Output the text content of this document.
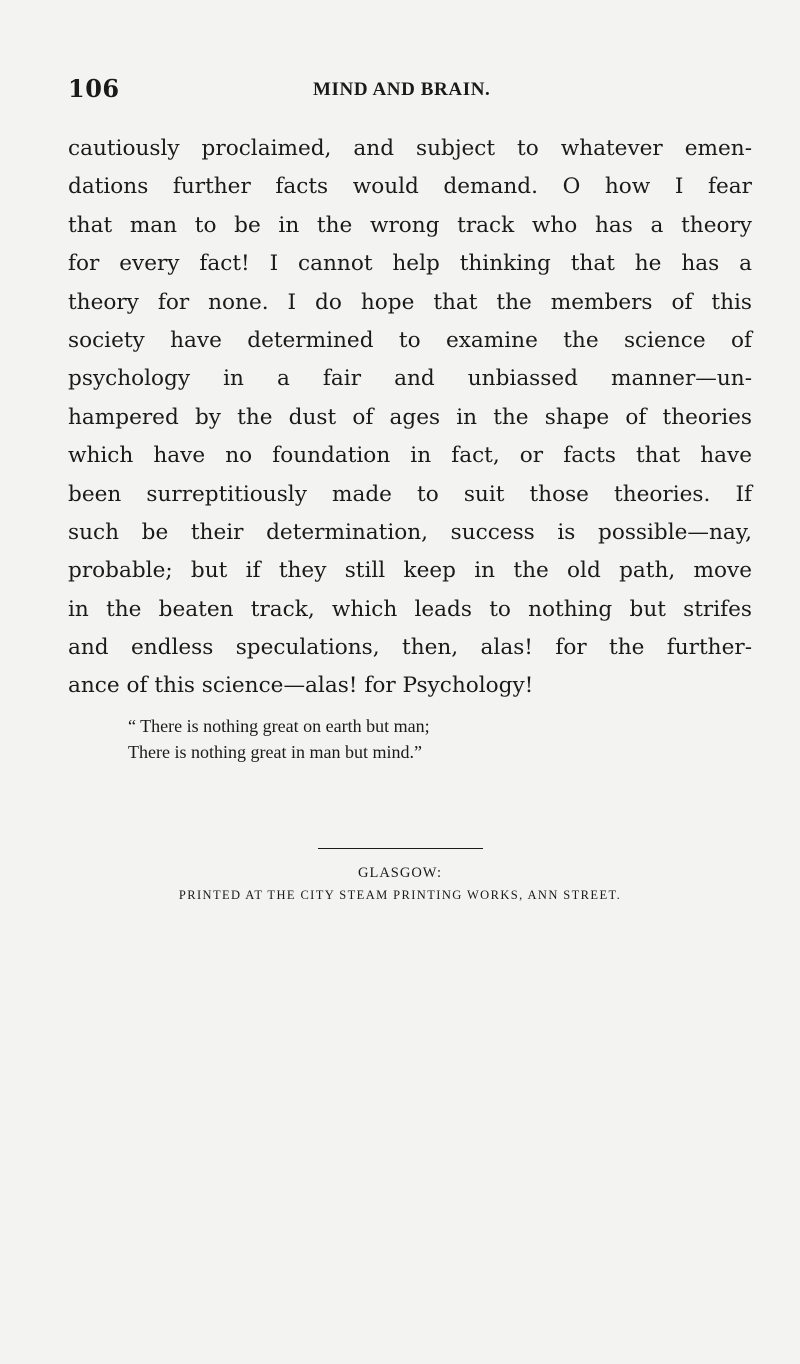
106	MIND AND BRAIN.
cautiously proclaimed, and subject to whatever emen-
dations further facts would demand. O how I fear
that man to be in the wrong track who has a theory
for every fact! I cannot help thinking that he has a
theory for none. I do hope that the members of this
society have determined to examine the science of
psychology in a fair and unbiassed manner—un-
hampered by the dust of ages in the shape of theories
which have no foundation in fact, or facts that have
been surreptitiously made to suit those theories. If
such be their determination, success is possible—nay,
probable; but if they still keep in the old path, move
in the beaten track, which leads to nothing but strifes
and endless speculations, then, alas! for the further-
ance of this science—alas! for Psychology!
“ There is nothing great on earth but man;
There is nothing great in man but mind.”
GLASGOW:
PRINTED AT THE CITY STEAM PRINTING WORKS, ANN STREET.
